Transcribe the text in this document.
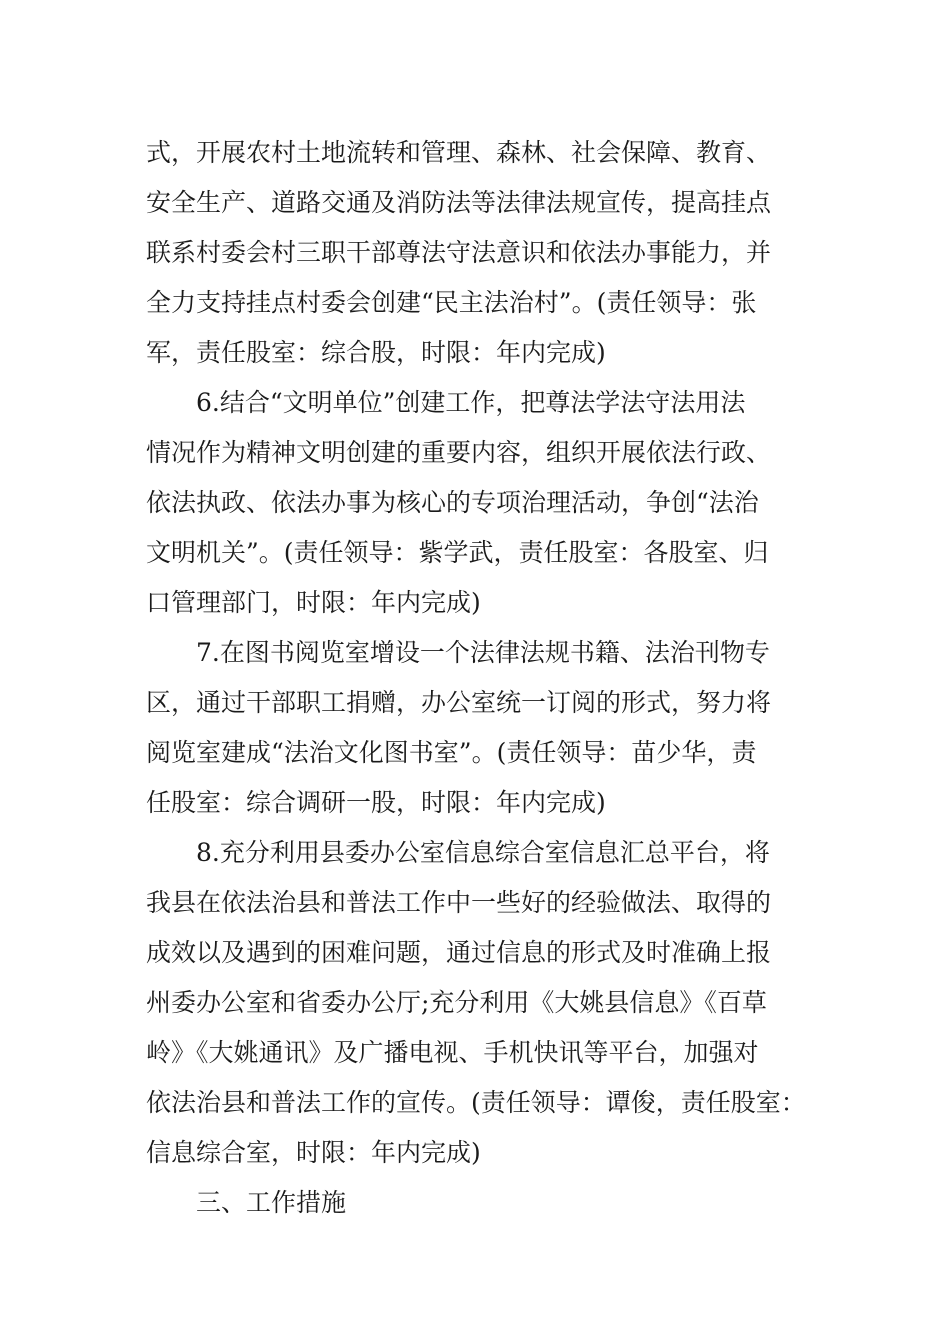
式，开展农村土地流转和管理、森林、社会保障、教育、
安全生产、道路交通及消防法等法律法规宣传，提高挂点
联系村委会村三职干部尊法守法意识和依法办事能力，并
全力支持挂点村委会创建“民主法治村”。(责任领导：张
军，责任股室：综合股，时限：年内完成)
6.结合“文明单位”创建工作，把尊法学法守法用法
情况作为精神文明创建的重要内容，组织开展依法行政、
依法执政、依法办事为核心的专项治理活动，争创“法治
文明机关”。(责任领导：紫学武，责任股室：各股室、归
口管理部门，时限：年内完成)
7.在图书阅览室增设一个法律法规书籍、法治刊物专
区，通过干部职工捐赠，办公室统一订阅的形式，努力将
阅览室建成“法治文化图书室”。(责任领导：苗少华，责
任股室：综合调研一股，时限：年内完成)
8.充分利用县委办公室信息综合室信息汇总平台，将
我县在依法治县和普法工作中一些好的经验做法、取得的
成效以及遇到的困难问题，通过信息的形式及时准确上报
州委办公室和省委办公厅;充分利用《大姚县信息》《百草
岭》《大姚通讯》及广播电视、手机快讯等平台，加强对
依法治县和普法工作的宣传。(责任领导：谭俊，责任股室：
信息综合室，时限：年内完成)
三、工作措施
